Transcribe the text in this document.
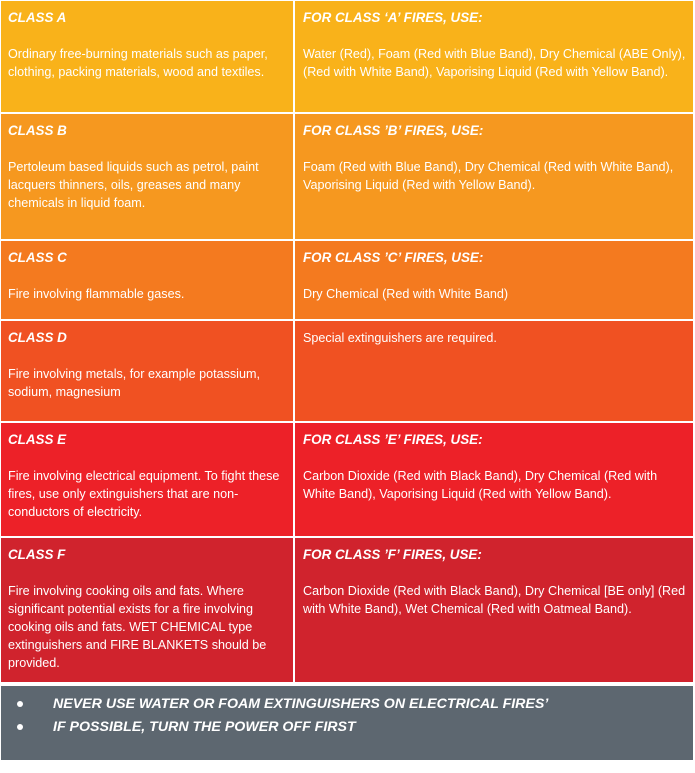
CLASS A
Ordinary free-burning materials such as paper, clothing, packing materials, wood and textiles.
FOR CLASS ‘A’ FIRES, USE:
Water (Red), Foam (Red with Blue Band), Dry Chemical (ABE Only), (Red with White Band), Vaporising Liquid (Red with Yellow Band).
CLASS B
Pertoleum based liquids such as petrol, paint lacquers thinners, oils, greases and many chemicals in liquid foam.
FOR CLASS ’B’ FIRES, USE:
Foam (Red with Blue Band), Dry Chemical (Red with White Band), Vaporising Liquid (Red with Yellow Band).
CLASS C
Fire involving flammable gases.
FOR CLASS ’C’ FIRES, USE:
Dry Chemical (Red with White Band)
CLASS D
Fire involving metals, for example potassium, sodium, magnesium
Special extinguishers are required.
CLASS E
Fire involving electrical equipment. To fight these fires, use only extinguishers that are non-conductors of electricity.
FOR CLASS ’E’ FIRES, USE:
Carbon Dioxide (Red with Black Band), Dry Chemical (Red with White Band), Vaporising Liquid (Red with Yellow Band).
CLASS F
Fire involving cooking oils and fats. Where significant potential exists for a fire involving cooking oils and fats. WET CHEMICAL type extinguishers and FIRE BLANKETS should be provided.
FOR CLASS ’F’ FIRES, USE:
Carbon Dioxide (Red with Black Band), Dry Chemical [BE only] (Red with White Band), Wet Chemical (Red with Oatmeal Band).
NEVER USE WATER OR FOAM EXTINGUISHERS ON ELECTRICAL FIRES’
IF POSSIBLE, TURN THE POWER OFF FIRST
